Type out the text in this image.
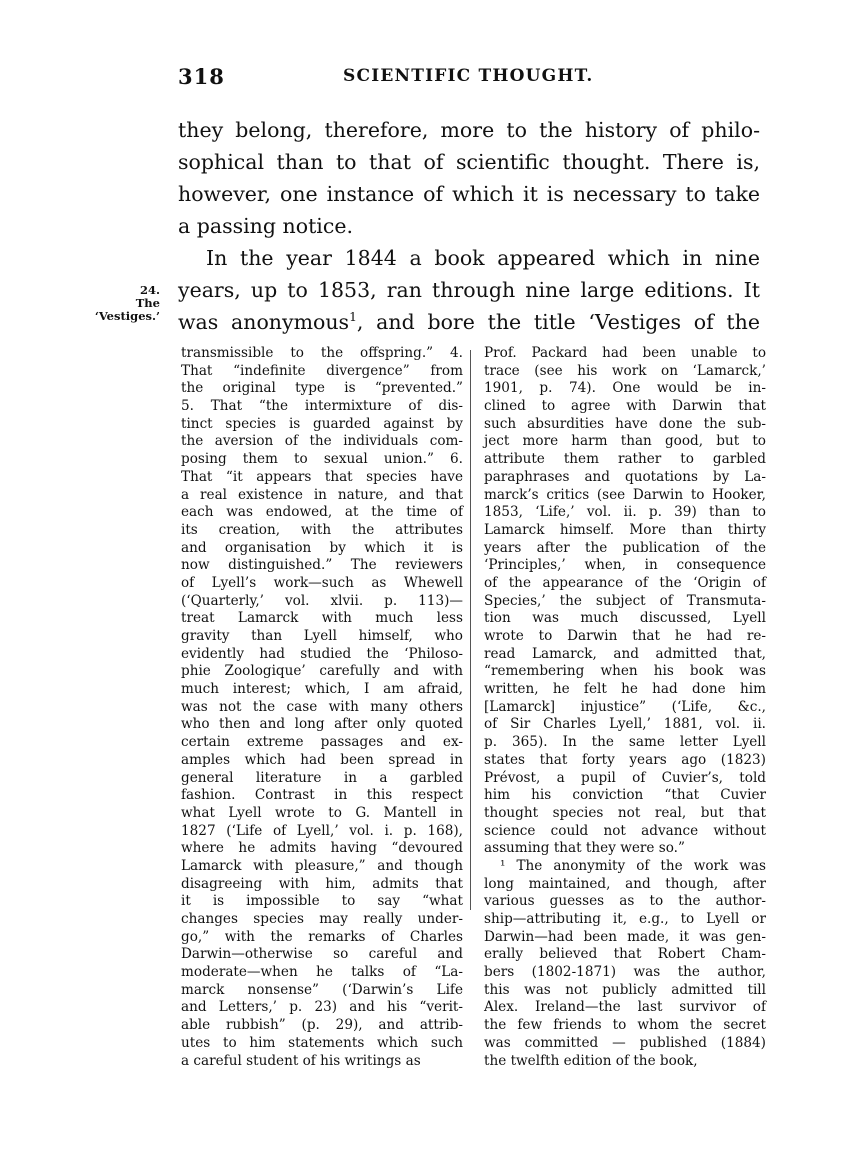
318	SCIENTIFIC THOUGHT.
24.
The
‘Vestiges.’
they belong, therefore, more to the history of philo-
sophical than to that of scientific thought. There is,
however, one instance of which it is necessary to take
a passing notice.
In the year 1844 a book appeared which in nine
years, up to 1853, ran through nine large editions. It
was anonymous$^1$, and bore the title ‘Vestiges of the
transmissible to the offspring.” 4.
That “indefinite divergence” from
the original type is “prevented.”
5. That “the intermixture of dis-
tinct species is guarded against by
the aversion of the individuals com-
posing them to sexual union.” 6.
That “it appears that species have
a real existence in nature, and that
each was endowed, at the time of
its creation, with the attributes
and organisation by which it is
now distinguished.” The reviewers
of Lyell’s work—such as Whewell
(‘Quarterly,’ vol. xlvii. p. 113)—
treat Lamarck with much less
gravity than Lyell himself, who
evidently had studied the ‘Philoso-
phie Zoologique’ carefully and with
much interest; which, I am afraid,
was not the case with many others
who then and long after only quoted
certain extreme passages and ex-
amples which had been spread in
general literature in a garbled
fashion. Contrast in this respect
what Lyell wrote to G. Mantell in
1827 (‘Life of Lyell,’ vol. i. p. 168),
where he admits having “devoured
Lamarck with pleasure,” and though
disagreeing with him, admits that
it is impossible to say “what
changes species may really under-
go,” with the remarks of Charles
Darwin—otherwise so careful and
moderate—when he talks of “La-
marck nonsense” (‘Darwin’s Life
and Letters,’ p. 23) and his “verit-
able rubbish” (p. 29), and attrib-
utes to him statements which such
a careful student of his writings as
Prof. Packard had been unable to
trace (see his work on ‘Lamarck,’
1901, p. 74). One would be in-
clined to agree with Darwin that
such absurdities have done the sub-
ject more harm than good, but to
attribute them rather to garbled
paraphrases and quotations by La-
marck’s critics (see Darwin to Hooker,
1853, ‘Life,’ vol. ii. p. 39) than to
Lamarck himself. More than thirty
years after the publication of the
‘Principles,’ when, in consequence
of the appearance of the ‘Origin of
Species,’ the subject of Transmuta-
tion was much discussed, Lyell
wrote to Darwin that he had re-
read Lamarck, and admitted that,
“remembering when his book was
written, he felt he had done him
[Lamarck] injustice” (‘Life, &c.,
of Sir Charles Lyell,’ 1881, vol. ii.
p. 365). In the same letter Lyell
states that forty years ago (1823)
Prévost, a pupil of Cuvier’s, told
him his conviction “that Cuvier
thought species not real, but that
science could not advance without
assuming that they were so.”
¹ The anonymity of the work was
long maintained, and though, after
various guesses as to the author-
ship—attributing it, e.g., to Lyell or
Darwin—had been made, it was gen-
erally believed that Robert Cham-
bers (1802-1871) was the author,
this was not publicly admitted till
Alex. Ireland—the last survivor of
the few friends to whom the secret
was committed — published (1884)
the twelfth edition of the book,
